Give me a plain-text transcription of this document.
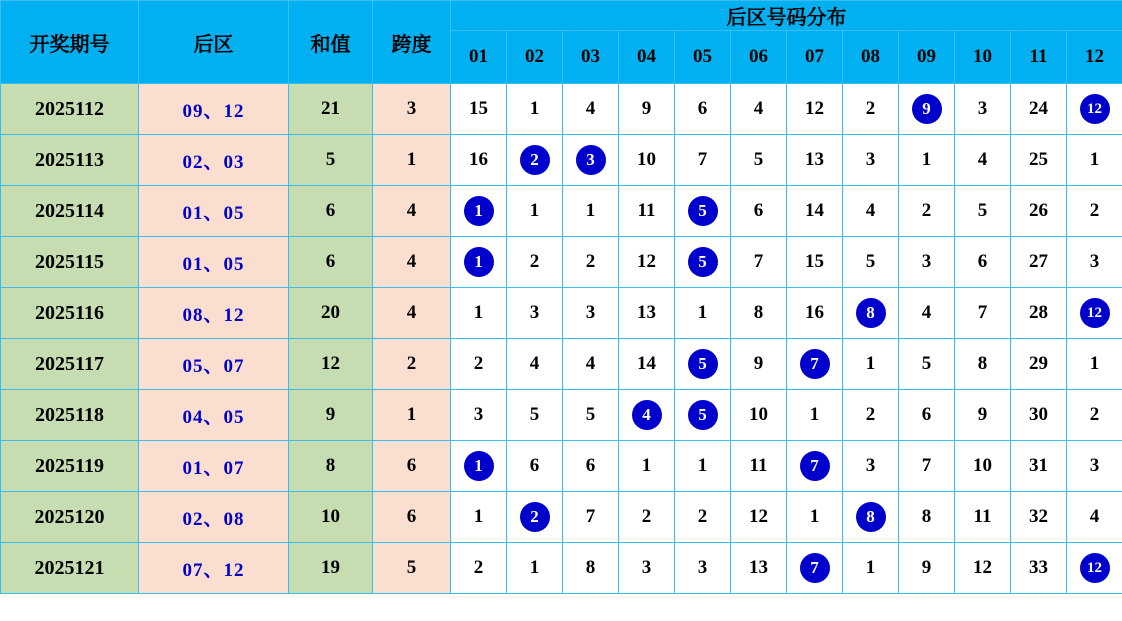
开奖期号	后区	和值	跨度	后区号码分布											
				01	02	03	04	05	06	07	08	09	10	11	12
2025112	09、12	21	3	15	1	4	9	6	4	12	2	9	3	24	12
2025113	02、03	5	1	16	2	3	10	7	5	13	3	1	4	25	1
2025114	01、05	6	4	1	1	1	11	5	6	14	4	2	5	26	2
2025115	01、05	6	4	1	2	2	12	5	7	15	5	3	6	27	3
2025116	08、12	20	4	1	3	3	13	1	8	16	8	4	7	28	12
2025117	05、07	12	2	2	4	4	14	5	9	7	1	5	8	29	1
2025118	04、05	9	1	3	5	5	4	5	10	1	2	6	9	30	2
2025119	01、07	8	6	1	6	6	1	1	11	7	3	7	10	31	3
2025120	02、08	10	6	1	2	7	2	2	12	1	8	8	11	32	4
2025121	07、12	19	5	2	1	8	3	3	13	7	1	9	12	33	12
